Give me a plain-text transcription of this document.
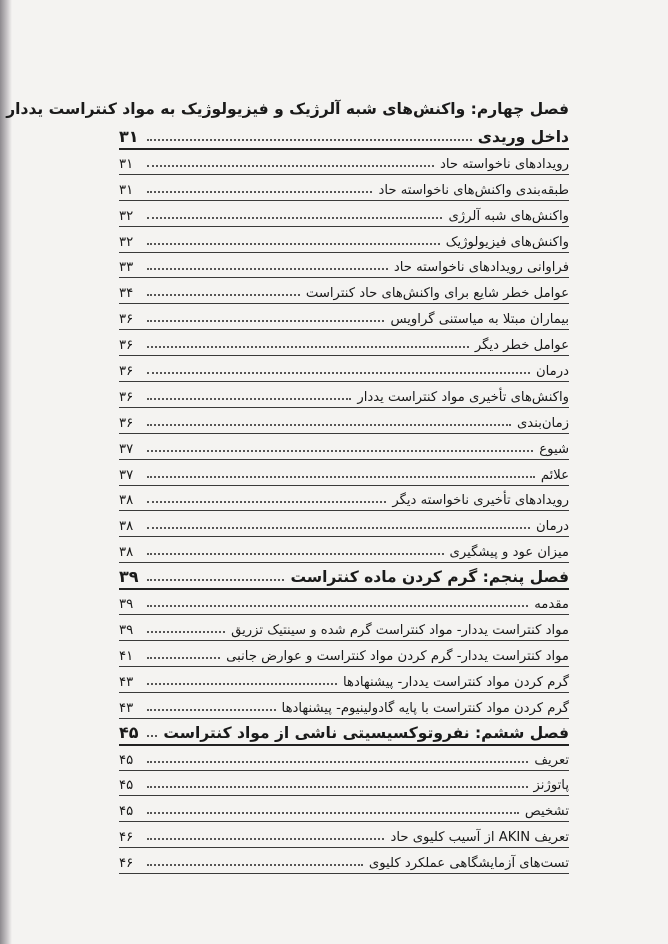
فصل چهارم: واکنش‌های شبه آلرژیک و فیزیولوژیک به مواد کنتراست یددار
داخل وریدی
۳۱
رویدادهای ناخواسته حاد
۳۱
طبقه‌بندی واکنش‌های ناخواسته حاد
۳۱
واکنش‌های شبه آلرژی
۳۲
واکنش‌های فیزیولوژیک
۳۲
فراوانی رویدادهای ناخواسته حاد
۳۳
عوامل خطر شایع برای واکنش‌های حاد کنتراست
۳۴
بیماران مبتلا به میاستنی گراویس
۳۶
عوامل خطر دیگر
۳۶
درمان
۳۶
واکنش‌های تأخیری مواد کنتراست یددار
۳۶
زمان‌بندی
۳۶
شیوع
۳۷
علائم
۳۷
رویدادهای تأخیری ناخواسته دیگر
۳۸
درمان
۳۸
میزان عود و پیشگیری
۳۸
فصل پنجم: گرم کردن ماده کنتراست
۳۹
مقدمه
۳۹
مواد کنتراست یددار- مواد کنتراست گرم شده و سینتیک تزریق
۳۹
مواد کنتراست یددار- گرم کردن مواد کنتراست و عوارض جانبی
۴۱
گرم کردن مواد کنتراست یددار- پیشنهادها
۴۳
گرم کردن مواد کنتراست با پایه گادولینیوم- پیشنهادها
۴۳
فصل ششم: نفروتوکسیسیتی ناشی از مواد کنتراست
۴۵
تعریف
۴۵
پاتوژنز
۴۵
تشخیص
۴۵
تعریف AKIN از آسیب کلیوی حاد
۴۶
تست‌های آزمایشگاهی عملکرد کلیوی
۴۶
